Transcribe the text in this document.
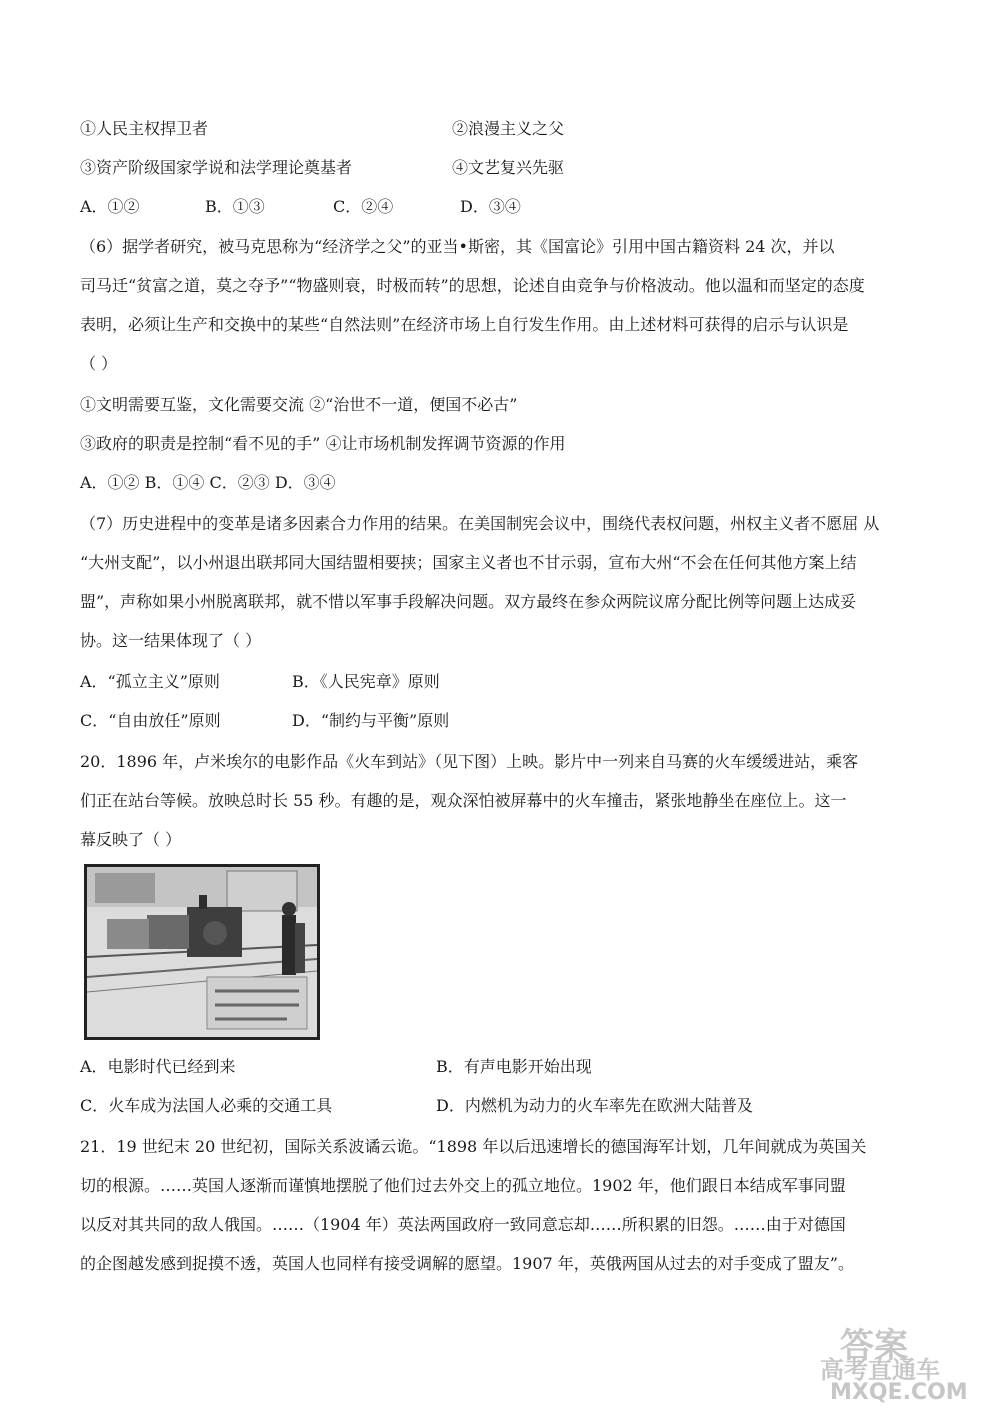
①人民主权捍卫者	②浪漫主义之父
③资产阶级国家学说和法学理论奠基者	④文艺复兴先驱
A．①②	B．①③	C．②④	D．③④
（6）据学者研究，被马克思称为“经济学之父”的亚当•斯密，其《国富论》引用中国古籍资料 24 次，并以
司马迁“贫富之道，莫之夺予”“物盛则衰，时极而转”的思想，论述自由竞争与价格波动。他以温和而坚定的态度
表明，必须让生产和交换中的某些“自然法则”在经济市场上自行发生作用。由上述材料可获得的启示与认识是
（ ）
①文明需要互鉴，文化需要交流 ②“治世不一道，便国不必古”
③政府的职责是控制“看不见的手” ④让市场机制发挥调节资源的作用
A．①② B．①④ C．②③ D．③④
（7）历史进程中的变革是诸多因素合力作用的结果。在美国制宪会议中，围绕代表权问题，州权主义者不愿屈 从
“大州支配”，以小州退出联邦同大国结盟相要挟；国家主义者也不甘示弱，宣布大州“不会在任何其他方案上结
盟”，声称如果小州脱离联邦，就不惜以军事手段解决问题。双方最终在参众两院议席分配比例等问题上达成妥
协。这一结果体现了（ ）
A．“孤立主义”原则	B．《人民宪章》原则
C．“自由放任”原则	D．“制约与平衡”原则
20．1896 年，卢米埃尔的电影作品《火车到站》（见下图）上映。影片中一列来自马赛的火车缓缓进站，乘客
们正在站台等候。放映总时长 55 秒。有趣的是，观众深怕被屏幕中的火车撞击，紧张地静坐在座位上。这一
幕反映了（ ）
A．电影时代已经到来	B．有声电影开始出现
C．火车成为法国人必乘的交通工具	D．内燃机为动力的火车率先在欧洲大陆普及
21．19 世纪末 20 世纪初，国际关系波谲云诡。“1898 年以后迅速增长的德国海军计划，几年间就成为英国关
切的根源。……英国人逐渐而谨慎地摆脱了他们过去外交上的孤立地位。1902 年，他们跟日本结成军事同盟
以反对其共同的敌人俄国。……（1904 年）英法两国政府一致同意忘却……所积累的旧怨。……由于对德国
的企图越发感到捉摸不透，英国人也同样有接受调解的愿望。1907 年，英俄两国从过去的对手变成了盟友”。
答案
高考直通车
MXQE.COM
